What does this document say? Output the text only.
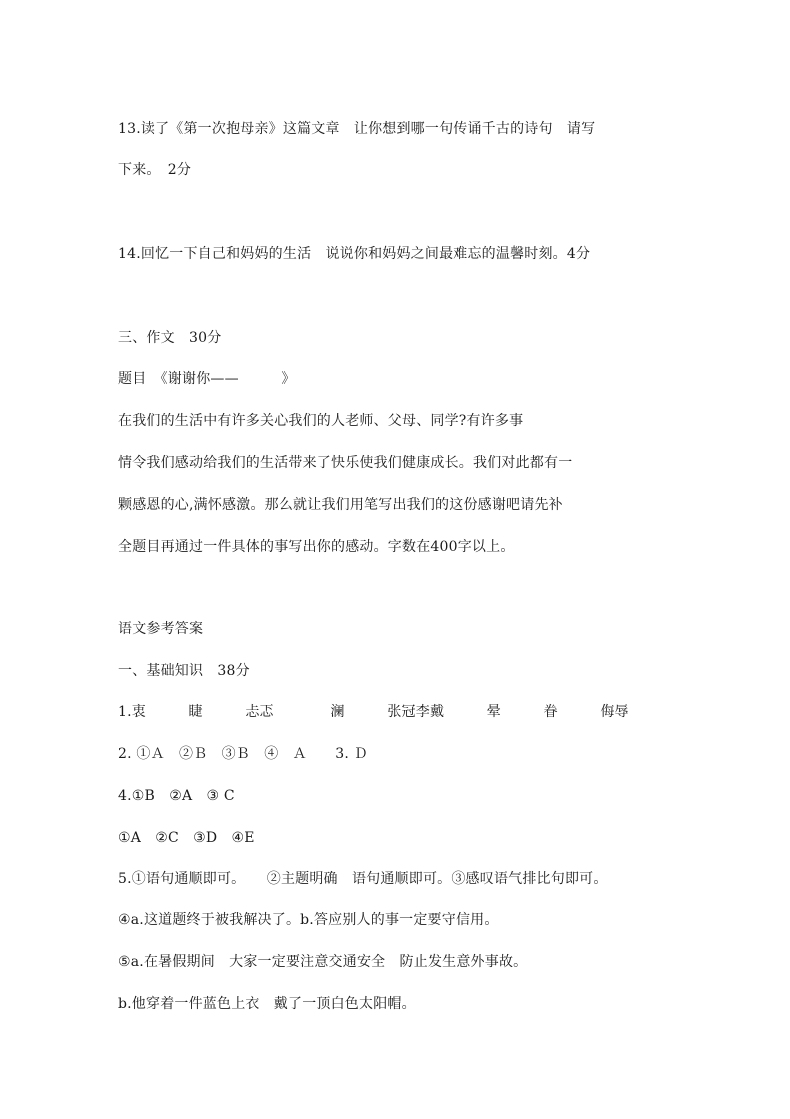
13.读了《第一次抱母亲》这篇文章　让你想到哪一句传诵千古的诗句　请写
下来。　2分
14.回忆一下自己和妈妈的生活　说说你和妈妈之间最难忘的温馨时刻。4分
三、作文　30分
题目　《谢谢你——　　　》
在我们的生活中有许多关心我们的人老师、父母、同学?有许多事
情令我们感动给我们的生活带来了快乐使我们健康成长。我们对此都有一
颗感恩的心,满怀感激。那么就让我们用笔写出我们的这份感谢吧请先补
全题目再通过一件具体的事写出你的感动。字数在400字以上。
语文参考答案
一、基础知识　38分
1.衷　　　睫　　　忐忑　　　　澜　　　张冠李戴　　　晕　　　眷　　　侮辱
2. ①Ａ　②Ｂ　③Ｂ　④　Ａ　　3. Ｄ
4.①B　②A　③ C
①A　②C　③D　④E
5.①语句通顺即可。　　②主题明确　语句通顺即可。③感叹语气排比句即可。
④a.这道题终于被我解决了。b.答应别人的事一定要守信用。
⑤a.在暑假期间　大家一定要注意交通安全　防止发生意外事故。
b.他穿着一件蓝色上衣　戴了一顶白色太阳帽。
